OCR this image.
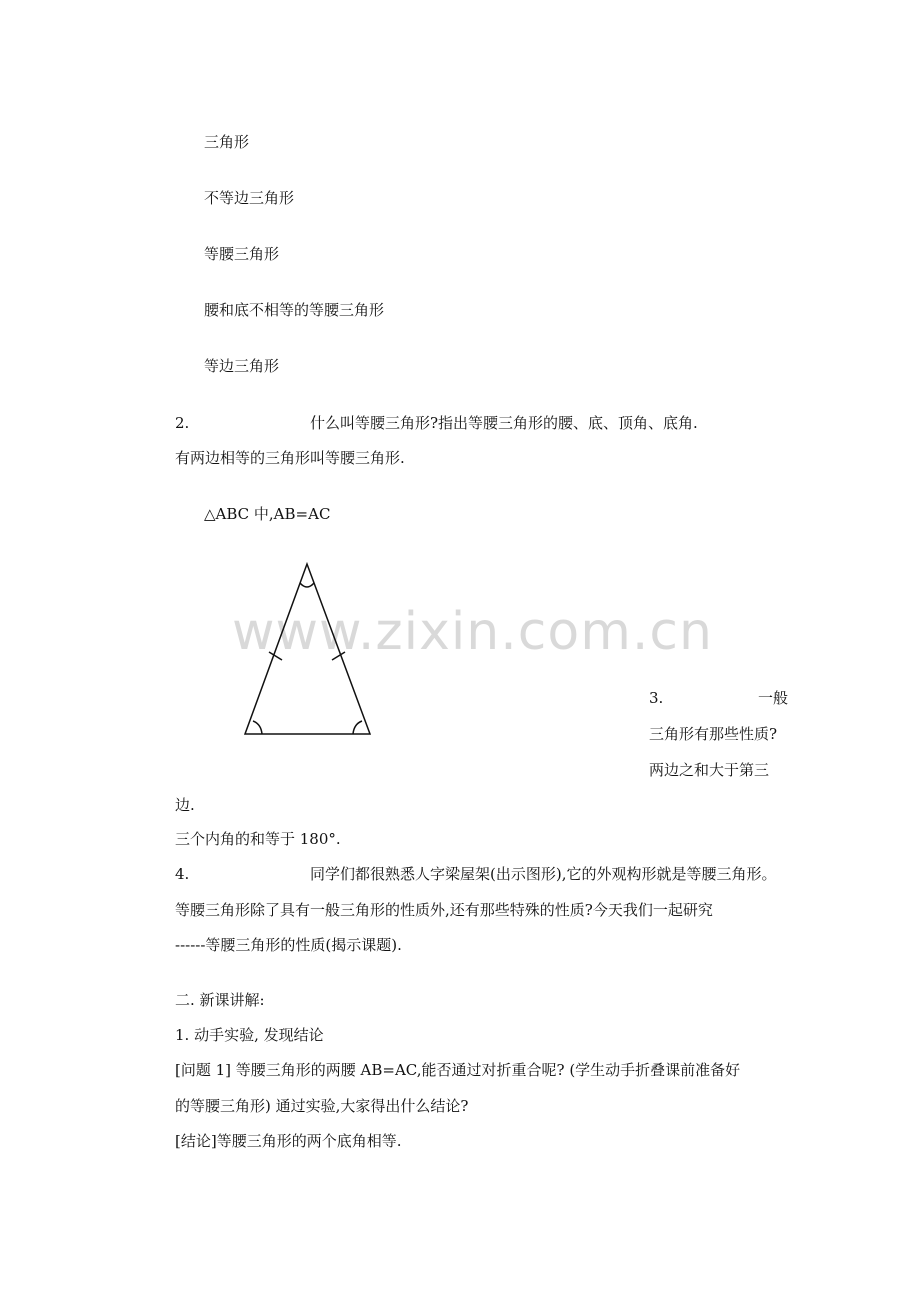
三角形
不等边三角形
等腰三角形
腰和底不相等的等腰三角形
等边三角形
2.	什么叫等腰三角形?指出等腰三角形的腰、底、顶角、底角.
有两边相等的三角形叫等腰三角形.
△ABC 中,AB=AC
www.zixin.com.cn
3.	一般
三角形有那些性质?
两边之和大于第三
边.
三个内角的和等于 180°.
4.	同学们都很熟悉人字梁屋架(出示图形),它的外观构形就是等腰三角形。
等腰三角形除了具有一般三角形的性质外,还有那些特殊的性质?今天我们一起研究
------等腰三角形的性质(揭示课题).
二. 新课讲解:
1. 动手实验, 发现结论
[问题 1] 等腰三角形的两腰 AB=AC,能否通过对折重合呢? (学生动手折叠课前准备好
的等腰三角形) 通过实验,大家得出什么结论?
[结论]等腰三角形的两个底角相等.
